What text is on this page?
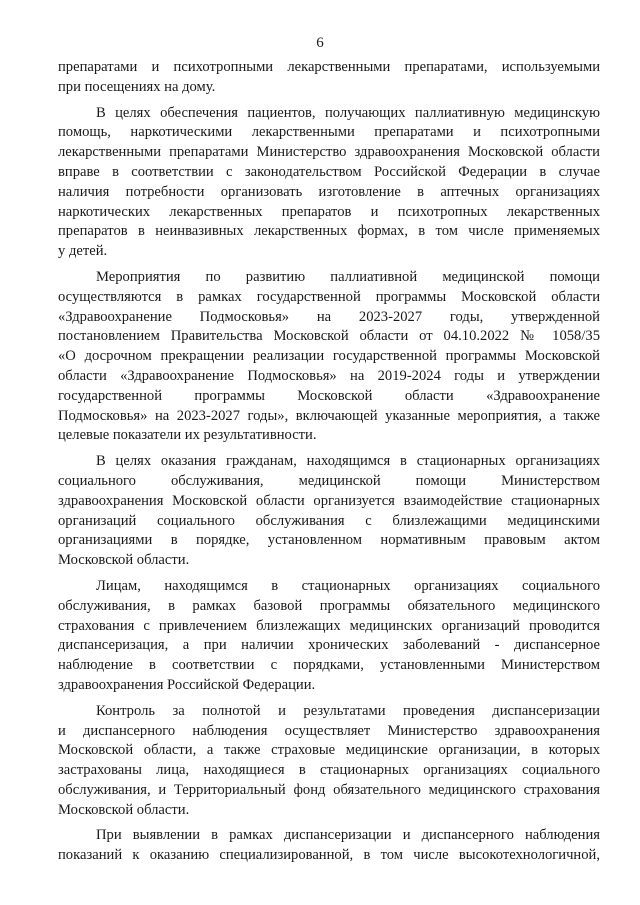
6
препаратами и психотропными лекарственными препаратами, используемыми
при посещениях на дому.
В целях обеспечения пациентов, получающих паллиативную медицинскую
помощь, наркотическими лекарственными препаратами и психотропными
лекарственными препаратами Министерство здравоохранения Московской области
вправе в соответствии с законодательством Российской Федерации в случае
наличия потребности организовать изготовление в аптечных организациях
наркотических лекарственных препаратов и психотропных лекарственных
препаратов в неинвазивных лекарственных формах, в том числе применяемых
у детей.
Мероприятия по развитию паллиативной медицинской помощи
осуществляются в рамках государственной программы Московской области
«Здравоохранение Подмосковья» на 2023-2027 годы, утвержденной
постановлением Правительства Московской области от 04.10.2022 № 1058/35
«О досрочном прекращении реализации государственной программы Московской
области «Здравоохранение Подмосковья» на 2019-2024 годы и утверждении
государственной программы Московской области «Здравоохранение
Подмосковья» на 2023-2027 годы», включающей указанные мероприятия, а также
целевые показатели их результативности.
В целях оказания гражданам, находящимся в стационарных организациях
социального обслуживания, медицинской помощи Министерством
здравоохранения Московской области организуется взаимодействие стационарных
организаций социального обслуживания с близлежащими медицинскими
организациями в порядке, установленном нормативным правовым актом
Московской области.
Лицам, находящимся в стационарных организациях социального
обслуживания, в рамках базовой программы обязательного медицинского
страхования с привлечением близлежащих медицинских организаций проводится
диспансеризация, а при наличии хронических заболеваний - диспансерное
наблюдение в соответствии с порядками, установленными Министерством
здравоохранения Российской Федерации.
Контроль за полнотой и результатами проведения диспансеризации
и диспансерного наблюдения осуществляет Министерство здравоохранения
Московской области, а также страховые медицинские организации, в которых
застрахованы лица, находящиеся в стационарных организациях социального
обслуживания, и Территориальный фонд обязательного медицинского страхования
Московской области.
При выявлении в рамках диспансеризации и диспансерного наблюдения
показаний к оказанию специализированной, в том числе высокотехнологичной,
